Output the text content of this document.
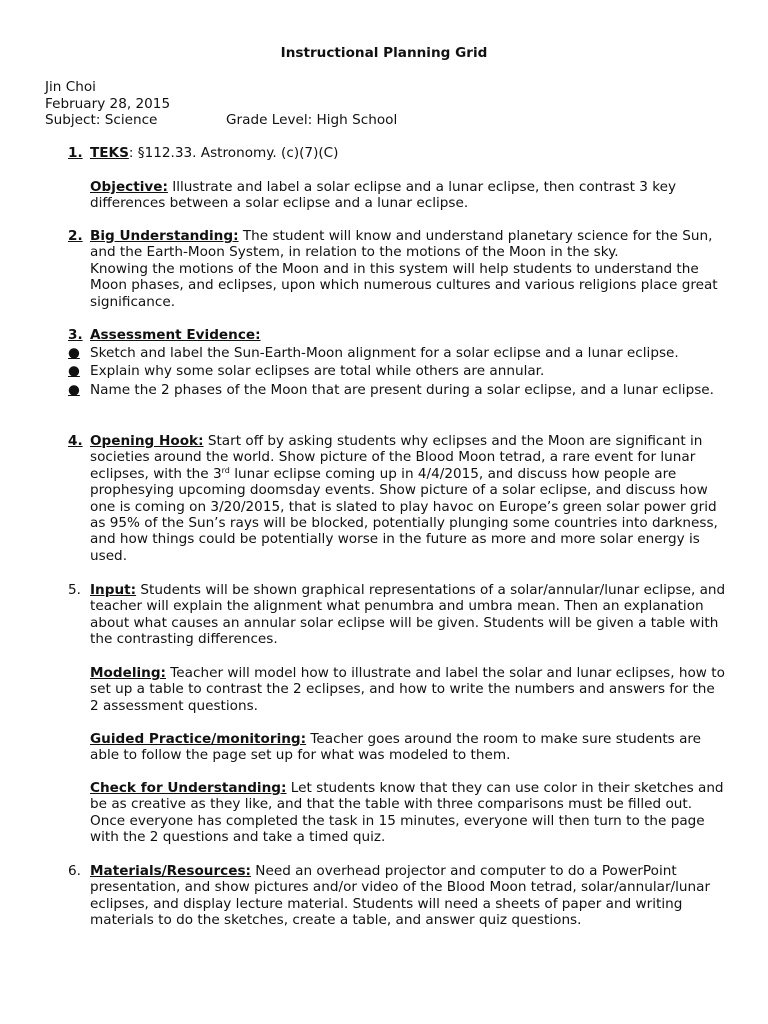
Instructional Planning Grid
Jin Choi
February 28, 2015
Subject: Science	Grade Level: High School
1. TEKS: §112.33. Astronomy. (c)(7)(C)
Objective: Illustrate and label a solar eclipse and a lunar eclipse, then contrast 3 key differences between a solar eclipse and a lunar eclipse.
2. Big Understanding: The student will know and understand planetary science for the Sun, and the Earth-Moon System, in relation to the motions of the Moon in the sky.

Knowing the motions of the Moon and in this system will help students to understand the Moon phases, and eclipses, upon which numerous cultures and various religions place great significance.

3. Assessment Evidence:
● Sketch and label the Sun-Earth-Moon alignment for a solar eclipse and a lunar eclipse.
● Explain why some solar eclipses are total while others are annular.
● Name the 2 phases of the Moon that are present during a solar eclipse, and a lunar eclipse.
4. Opening Hook: Start off by asking students why eclipses and the Moon are significant in societies around the world. Show picture of the Blood Moon tetrad, a rare event for lunar eclipses, with the 3rd lunar eclipse coming up in 4/4/2015, and discuss how people are prophesying upcoming doomsday events. Show picture of a solar eclipse, and discuss how one is coming on 3/20/2015, that is slated to play havoc on Europe’s green solar power grid as 95% of the Sun’s rays will be blocked, potentially plunging some countries into darkness, and how things could be potentially worse in the future as more and more solar energy is used.
5. Input: Students will be shown graphical representations of a solar/annular/lunar eclipse, and teacher will explain the alignment what penumbra and umbra mean. Then an explanation about what causes an annular solar eclipse will be given. Students will be given a table with the contrasting differences.
Modeling: Teacher will model how to illustrate and label the solar and lunar eclipses, how to set up a table to contrast the 2 eclipses, and how to write the numbers and answers for the 2 assessment questions.
Guided Practice/monitoring: Teacher goes around the room to make sure students are able to follow the page set up for what was modeled to them.
Check for Understanding: Let students know that they can use color in their sketches and be as creative as they like, and that the table with three comparisons must be filled out. Once everyone has completed the task in 15 minutes, everyone will then turn to the page with the 2 questions and take a timed quiz.
6. Materials/Resources: Need an overhead projector and computer to do a PowerPoint presentation, and show pictures and/or video of the Blood Moon tetrad, solar/annular/lunar eclipses, and display lecture material. Students will need a sheets of paper and writing materials to do the sketches, create a table, and answer quiz questions.
